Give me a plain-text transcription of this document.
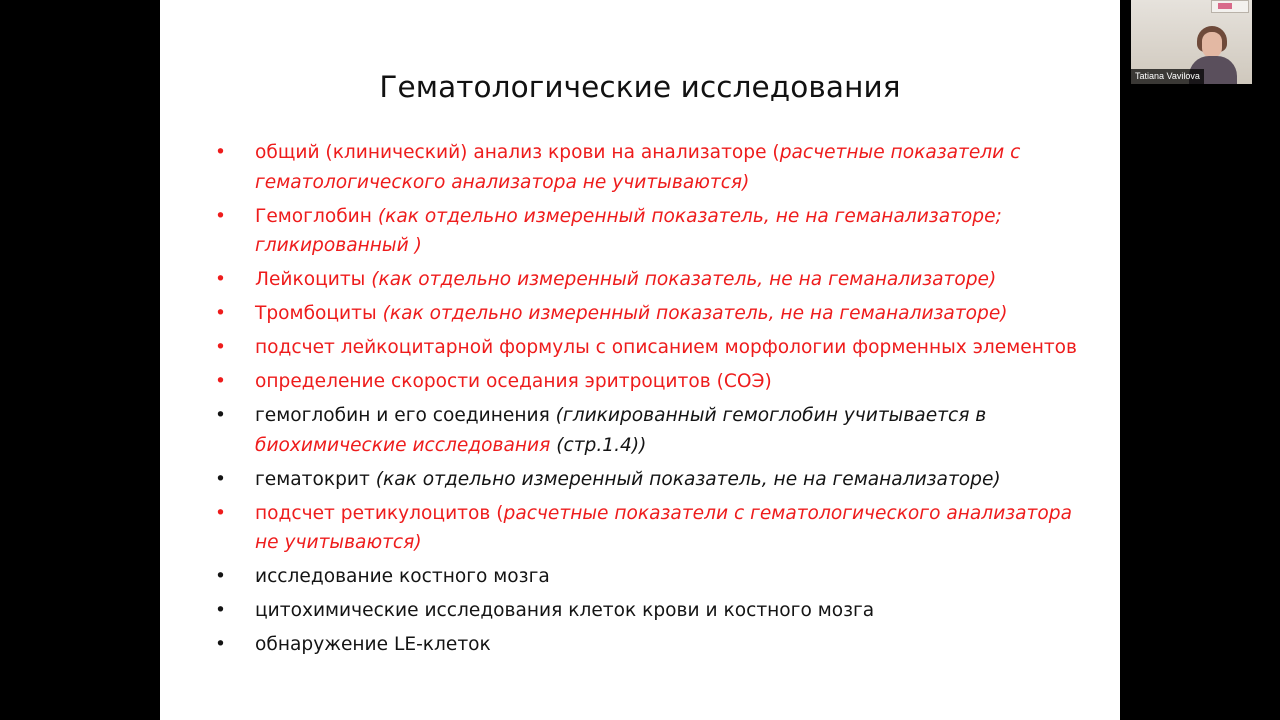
Гематологические исследования
•	общий (клинический) анализ крови на анализаторе (расчетные показатели с гематологического анализатора не учитываются)
•	Гемоглобин (как отдельно измеренный показатель, не на геманализаторе; гликированный )
•	Лейкоциты (как отдельно измеренный показатель, не на геманализаторе)
•	Тромбоциты (как отдельно измеренный показатель, не на геманализаторе)
•	подсчет лейкоцитарной формулы с описанием морфологии форменных элементов
•	определение скорости оседания эритроцитов (СОЭ)
•	гемоглобин и его соединения (гликированный гемоглобин учитывается в биохимические исследования (стр.1.4))
•	гематокрит (как отдельно измеренный показатель, не на геманализаторе)
•	подсчет ретикулоцитов (расчетные показатели с гематологического анализатора не учитываются)
•	исследование костного мозга
•	цитохимические исследования клеток крови и костного мозга
•	обнаружение LE-клеток
Tatiana Vavilova
